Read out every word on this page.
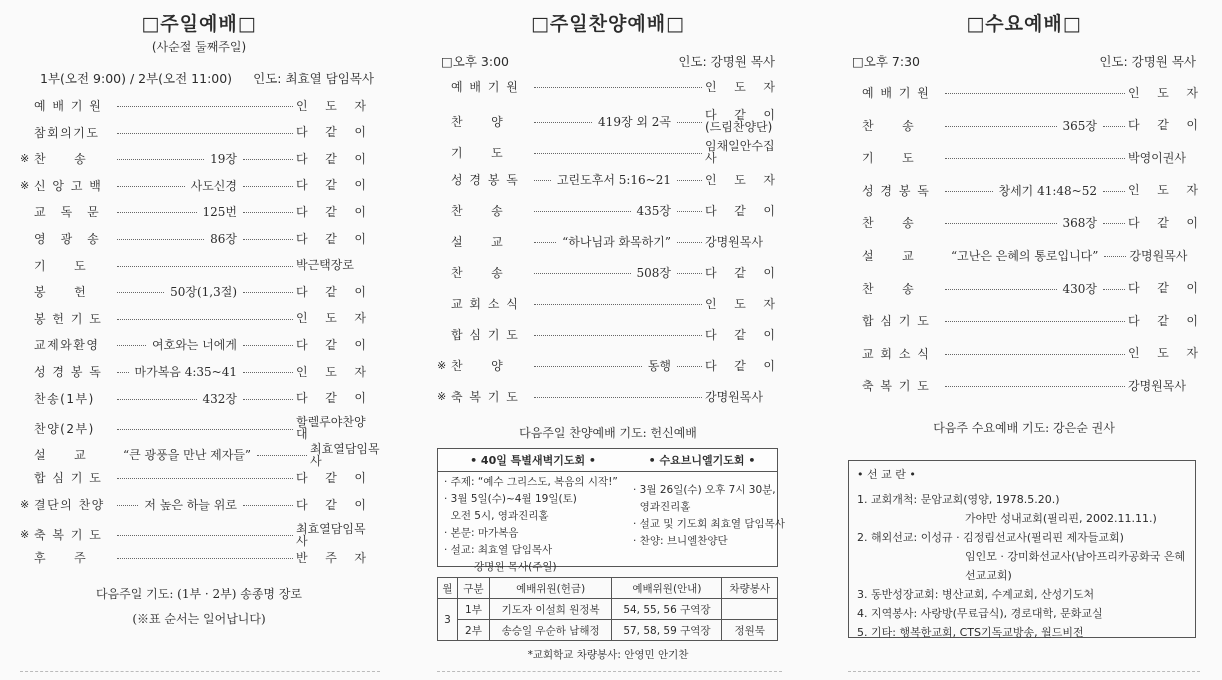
□주일예배□
(사순절 둘째주일)
1부(오전 9:00) / 2부(오전 11:00) 인도: 최효열 담임목사
예 배 기 원	인 도 자
참회의기도	다 같 이
※ 찬　　송	19장	다 같 이
※ 신 앙 고 백	사도신경	다 같 이
교　독　문	125번	다 같 이
영　광　송	86장	다 같 이
기　　도	박근택장로
봉　　헌	50장(1,3절)	다 같 이
봉 헌 기 도	인 도 자
교제와환영	여호와는 너에게	다 같 이
성 경 봉 독	마가복음 4:35~41	인 도 자
찬송(1부)	432장	다 같 이
찬양(2부)	할렐루야찬양대
설　　교	“큰 광풍을 만난 제자들”	최효열담임목사
합 심 기 도	다 같 이
※ 결단의 찬양	저 높은 하늘 위로	다 같 이
※ 축 복 기 도	최효열담임목사
후　　주	반 주 자
다음주일 기도: (1부 · 2부) 송종명 장로
(※표 순서는 일어납니다)
□주일찬양예배□
□오후 3:00	인도: 강명원 목사
예 배 기 원	인 도 자
찬　　양	419장 외 2곡	다 같 이
(드림찬양단)
기　　도	임채일안수집사
성 경 봉 독	고린도후서 5:16~21	인 도 자
찬　　송	435장	다 같 이
설　　교	“하나님과 화목하기”	강명원목사
찬　　송	508장	다 같 이
교 회 소 식	인 도 자
합 심 기 도	다 같 이
※ 찬　　양	동행	다 같 이
※ 축 복 기 도	강명원목사
다음주일 찬양예배 기도: 헌신예배
• 40일 특별새벽기도회 •
· 주제: “예수 그리스도, 복음의 시작!”
· 3월 5일(수)~4월 19일(토)
오전 5시, 영과진리홀
· 본문: 마가복음
· 설교: 최효열 담임목사
강명원 목사(주일)
• 수요브니엘기도회 •
· 3월 26일(수) 오후 7시 30분,
영과진리홀
· 설교 및 기도회 최효열 담임목사
· 찬양: 브니엘찬양단
월	구분	예배위원(헌금)	예배위원(안내)	차량봉사
3	1부	기도자 이설희 원정복	54, 55, 56 구역장	
	2부	송승일 우순하 남해정	57, 58, 59 구역장	정원묵
*교회학교 차량봉사: 안영민 안기찬
□수요예배□
□오후 7:30	인도: 강명원 목사
예 배 기 원	인 도 자
찬　　송	365장	다 같 이
기　　도	박영이권사
성 경 봉 독	창세기 41:48~52	인 도 자
찬　　송	368장	다 같 이
설　　교	“고난은 은혜의 통로입니다”	강명원목사
찬　　송	430장	다 같 이
합 심 기 도	다 같 이
교 회 소 식	인 도 자
축 복 기 도	강명원목사
다음주 수요예배 기도: 강은순 권사
• 선 교 란 •
1. 교회개척: 문암교회(영양, 1978.5.20.)
가야만 성내교회(필리핀, 2002.11.11.)
2. 해외선교: 이성규 · 김정림선교사(필리핀 제자들교회)
임인모 · 강미화선교사(남아프리카공화국 은혜선교교회)
3. 동반성장교회: 병산교회, 수계교회, 산성기도처
4. 지역봉사: 사랑방(무료급식), 경로대학, 문화교실
5. 기타: 행복한교회, CTS기독교방송, 월드비전
